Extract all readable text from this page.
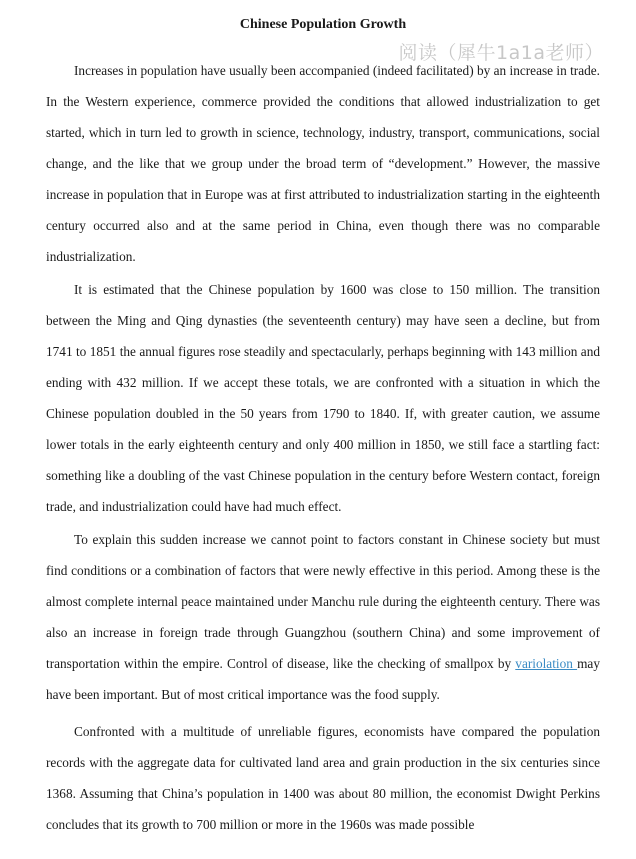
阅读（犀牛1a1a老师）
Chinese Population Growth

Increases in population have usually been accompanied (indeed facilitated) by an increase in trade. In the Western experience, commerce provided the conditions that allowed industrialization to get started, which in turn led to growth in science, technology, industry, transport, communications, social change, and the like that we group under the broad term of “development.” However, the massive increase in population that in Europe was at first attributed to industrialization starting in the eighteenth century occurred also and at the same period in China, even though there was no comparable industrialization.

It is estimated that the Chinese population by 1600 was close to 150 million. The transition between the Ming and Qing dynasties (the seventeenth century) may have seen a decline, but from 1741 to 1851 the annual figures rose steadily and spectacularly, perhaps beginning with 143 million and ending with 432 million. If we accept these totals, we are confronted with a situation in which the Chinese population doubled in the 50 years from 1790 to 1840. If, with greater caution, we assume lower totals in the early eighteenth century and only 400 million in 1850, we still face a startling fact: something like a doubling of the vast Chinese population in the century before Western contact, foreign trade, and industrialization could have had much effect.

To explain this sudden increase we cannot point to factors constant in Chinese society but must find conditions or a combination of factors that were newly effective in this period. Among these is the almost complete internal peace maintained under Manchu rule during the eighteenth century. There was also an increase in foreign trade through Guangzhou (southern China) and some improvement of transportation within the empire. Control of disease, like the checking of smallpox by variolation may have been important. But of most critical importance was the food supply.

Confronted with a multitude of unreliable figures, economists have compared the population records with the aggregate data for cultivated land area and grain production in the six centuries since 1368. Assuming that China’s population in 1400 was about 80 million, the economist Dwight Perkins concludes that its growth to 700 million or more in the 1960s was made possible
